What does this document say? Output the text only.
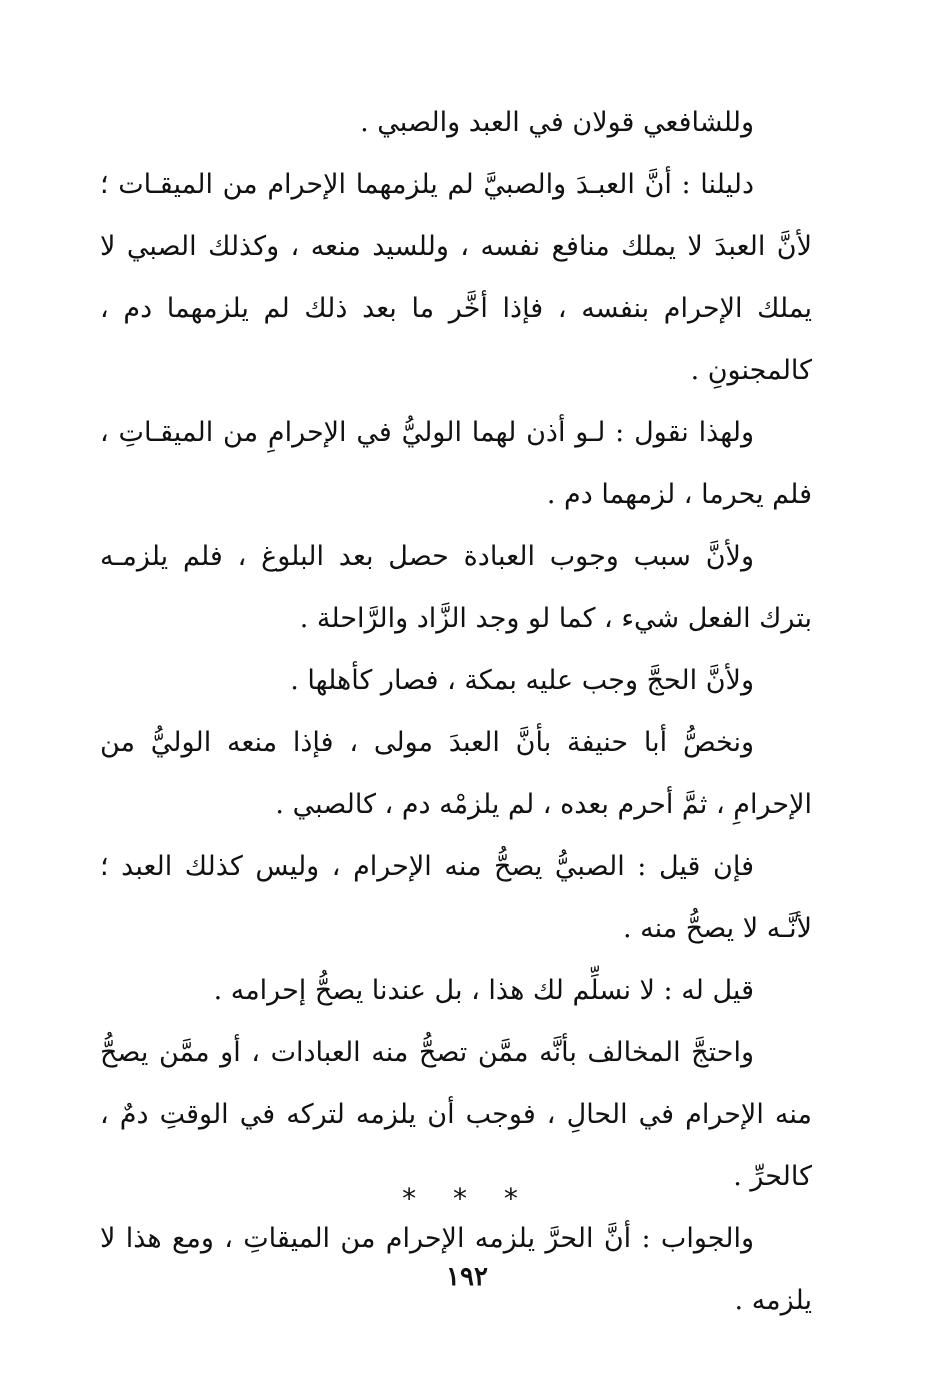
وللشافعي قولان في العبد والصبي .

دليلنا : أنَّ العبـدَ والصبيَّ لم يلزمهما الإحرام من الميقـات ؛ لأنَّ العبدَ لا يملك منافع نفسه ، وللسيد منعه ، وكذلك الصبي لا يملك الإحرام بنفسه ، فإذا أخَّر ما بعد ذلك لم يلزمهما دم ، كالمجنونِ .

ولهذا نقول : لـو أذن لهما الوليُّ في الإحرامِ من الميقـاتِ ، فلم يحرما ، لزمهما دم .

ولأنَّ سبب وجوب العبادة حصل بعد البلوغ ، فلم يلزمـه بترك الفعل شيء ، كما لو وجد الزَّاد والرَّاحلة .

ولأنَّ الحجَّ وجب عليه بمكة ، فصار كأهلها .

ونخصُّ أبا حنيفة بأنَّ العبدَ مولى ، فإذا منعه الوليُّ من الإحرامِ ، ثمَّ أحرم بعده ، لم يلزمْه دم ، كالصبي .

فإن قيل : الصبيُّ يصحُّ منه الإحرام ، وليس كذلك العبد ؛ لأنَّـه لا يصحُّ منه .

قيل له : لا نسلِّم لك هذا ، بل عندنا يصحُّ إحرامه .

واحتجَّ المخالف بأنَّه ممَّن تصحُّ منه العبادات ، أو ممَّن يصحُّ منه الإحرام في الحالِ ، فوجب أن يلزمه لتركه في الوقتِ دمٌ ، كالحرِّ .

والجواب : أنَّ الحرَّ يلزمه الإحرام من الميقاتِ ، ومع هذا لا يلزمه .

* * *
١٩٢
